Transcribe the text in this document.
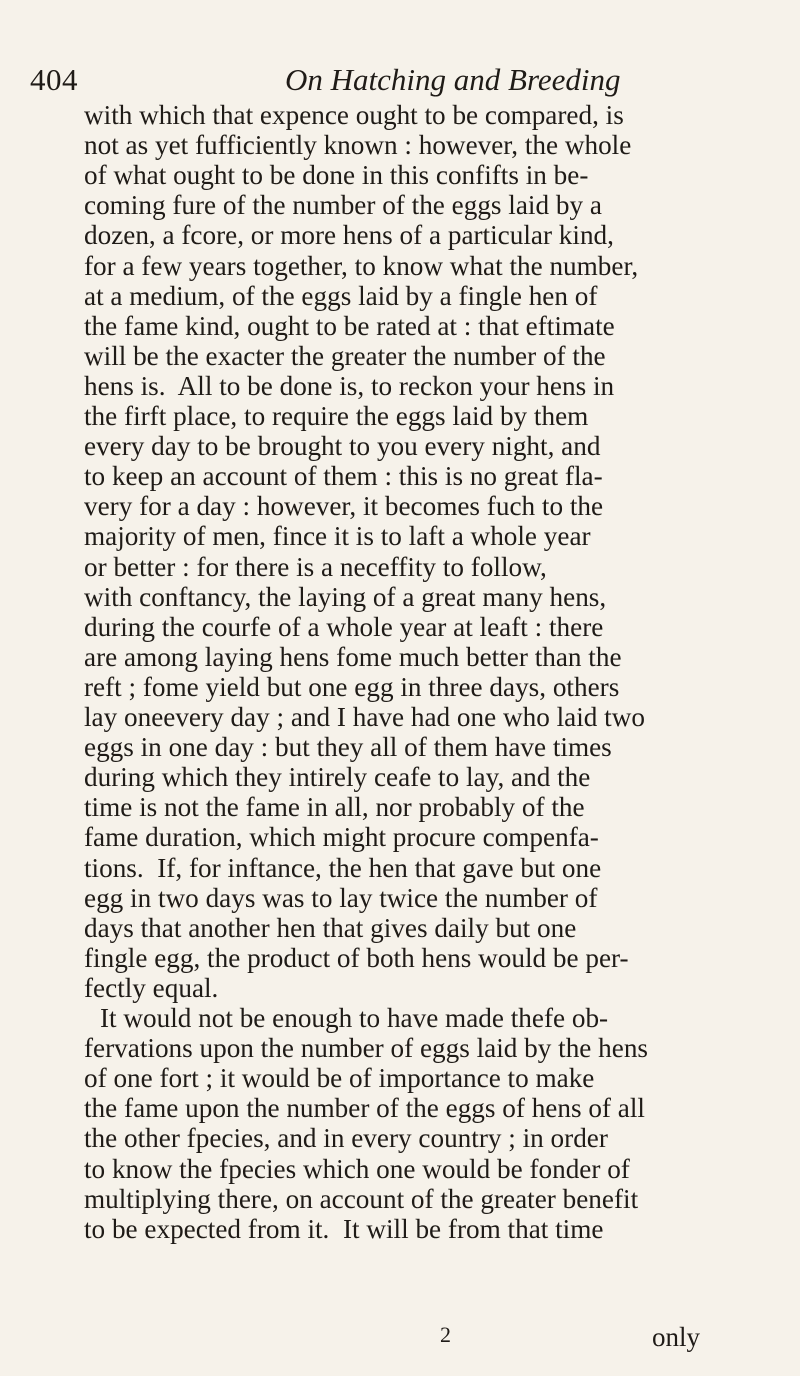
404	On Hatching and Breeding
with which that expence ought to be compared, is
not as yet fufficiently known : however, the whole
of what ought to be done in this confifts in be-
coming fure of the number of the eggs laid by a
dozen, a fcore, or more hens of a particular kind,
for a few years together, to know what the number,
at a medium, of the eggs laid by a fingle hen of
the fame kind, ought to be rated at : that eftimate
will be the exacter the greater the number of the
hens is.  All to be done is, to reckon your hens in
the firft place, to require the eggs laid by them
every day to be brought to you every night, and
to keep an account of them : this is no great fla-
very for a day : however, it becomes fuch to the
majority of men, fince it is to laft a whole year
or better : for there is a neceffity to follow,
with conftancy, the laying of a great many hens,
during the courfe of a whole year at leaft : there
are among laying hens fome much better than the
reft ; fome yield but one egg in three days, others
lay oneevery day ; and I have had one who laid two
eggs in one day : but they all of them have times
during which they intirely ceafe to lay, and the
time is not the fame in all, nor probably of the
fame duration, which might procure compenfa-
tions.  If, for inftance, the hen that gave but one
egg in two days was to lay twice the number of
days that another hen that gives daily but one
fingle egg, the product of both hens would be per-
fectly equal.
It would not be enough to have made thefe ob-
fervations upon the number of eggs laid by the hens
of one fort ; it would be of importance to make
the fame upon the number of the eggs of hens of all
the other fpecies, and in every country ; in order
to know the fpecies which one would be fonder of
multiplying there, on account of the greater benefit
to be expected from it.  It will be from that time
2	only
